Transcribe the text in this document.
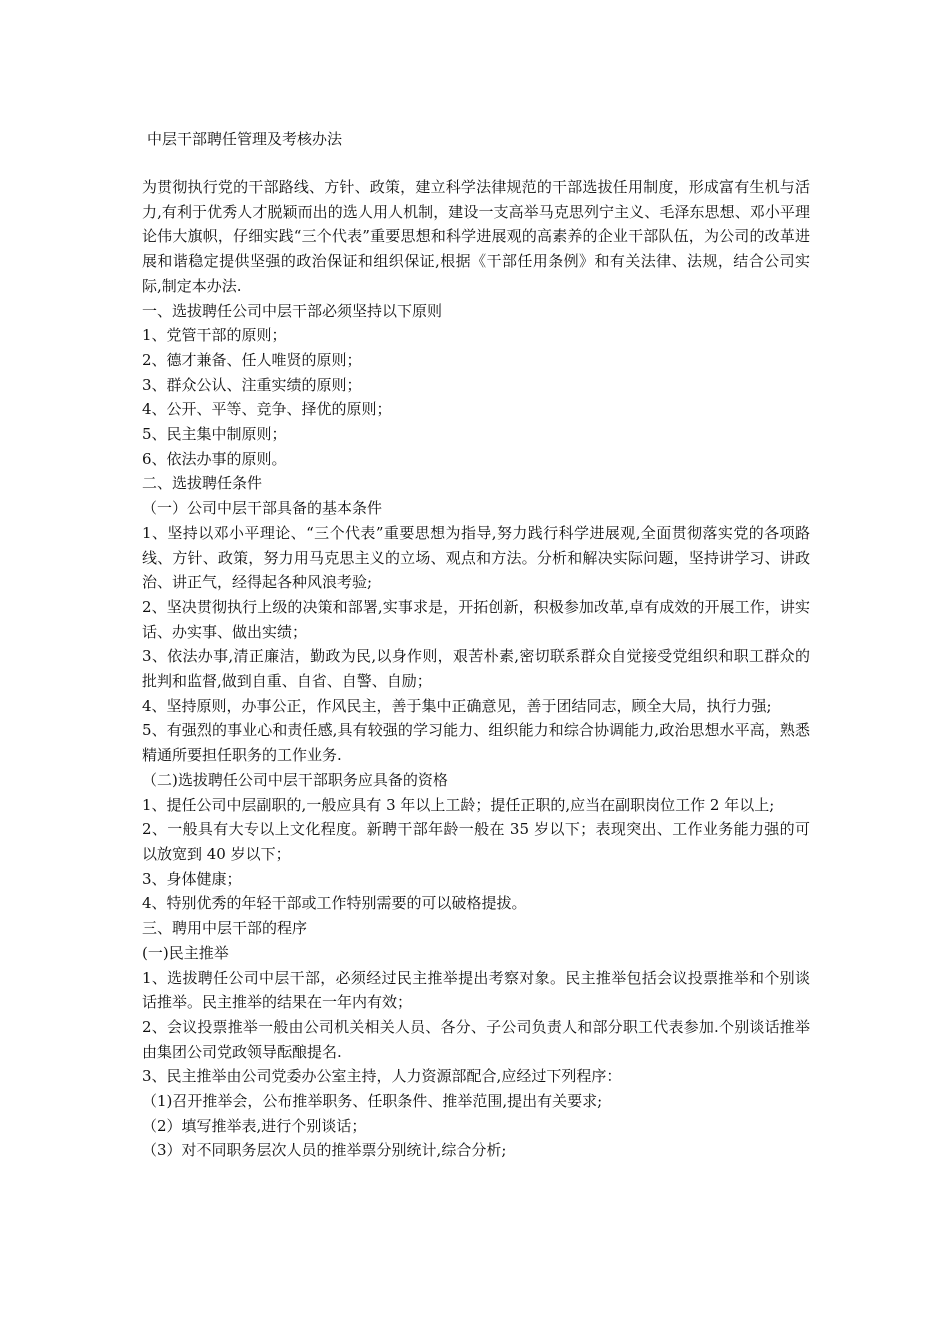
中层干部聘任管理及考核办法

为贯彻执行党的干部路线、方针、政策，建立科学法律规范的干部选拔任用制度，形成富有生机与活力,有利于优秀人才脱颖而出的选人用人机制，建设一支高举马克思列宁主义、毛泽东思想、邓小平理论伟大旗帜，仔细实践“三个代表”重要思想和科学进展观的高素养的企业干部队伍，为公司的改革进展和谐稳定提供坚强的政治保证和组织保证,根据《干部任用条例》和有关法律、法规，结合公司实际,制定本办法.

一、选拔聘任公司中层干部必须坚持以下原则

1、党管干部的原则；

2、德才兼备、任人唯贤的原则；

3、群众公认、注重实绩的原则；

4、公开、平等、竞争、择优的原则；

5、民主集中制原则；

6、依法办事的原则。

二、选拔聘任条件

（一）公司中层干部具备的基本条件

1、坚持以邓小平理论、“三个代表”重要思想为指导,努力践行科学进展观,全面贯彻落实党的各项路线、方针、政策，努力用马克思主义的立场、观点和方法。分析和解决实际问题，坚持讲学习、讲政治、讲正气，经得起各种风浪考验;

2、坚决贯彻执行上级的决策和部署,实事求是，开拓创新，积极参加改革,卓有成效的开展工作，讲实话、办实事、做出实绩；

3、依法办事,清正廉洁，勤政为民,以身作则，艰苦朴素,密切联系群众自觉接受党组织和职工群众的批判和监督,做到自重、自省、自警、自励；

4、坚持原则，办事公正，作风民主，善于集中正确意见，善于团结同志，顾全大局，执行力强;

5、有强烈的事业心和责任感,具有较强的学习能力、组织能力和综合协调能力,政治思想水平高，熟悉精通所要担任职务的工作业务.

（二)选拔聘任公司中层干部职务应具备的资格

1、提任公司中层副职的,一般应具有 3 年以上工龄；提任正职的,应当在副职岗位工作 2 年以上;

2、一般具有大专以上文化程度。新聘干部年龄一般在 35 岁以下；表现突出、工作业务能力强的可以放宽到 40 岁以下；

3、身体健康；

4、特别优秀的年轻干部或工作特别需要的可以破格提拔。

三、聘用中层干部的程序

(一)民主推举

1、选拔聘任公司中层干部，必须经过民主推举提出考察对象。民主推举包括会议投票推举和个别谈话推举。民主推举的结果在一年内有效；

2、会议投票推举一般由公司机关相关人员、各分、子公司负责人和部分职工代表参加.个别谈话推举由集团公司党政领导酝酿提名.

3、民主推举由公司党委办公室主持，人力资源部配合,应经过下列程序：

（1)召开推举会，公布推举职务、任职条件、推举范围,提出有关要求;

（2）填写推举表,进行个别谈话；

（3）对不同职务层次人员的推举票分别统计,综合分析;
